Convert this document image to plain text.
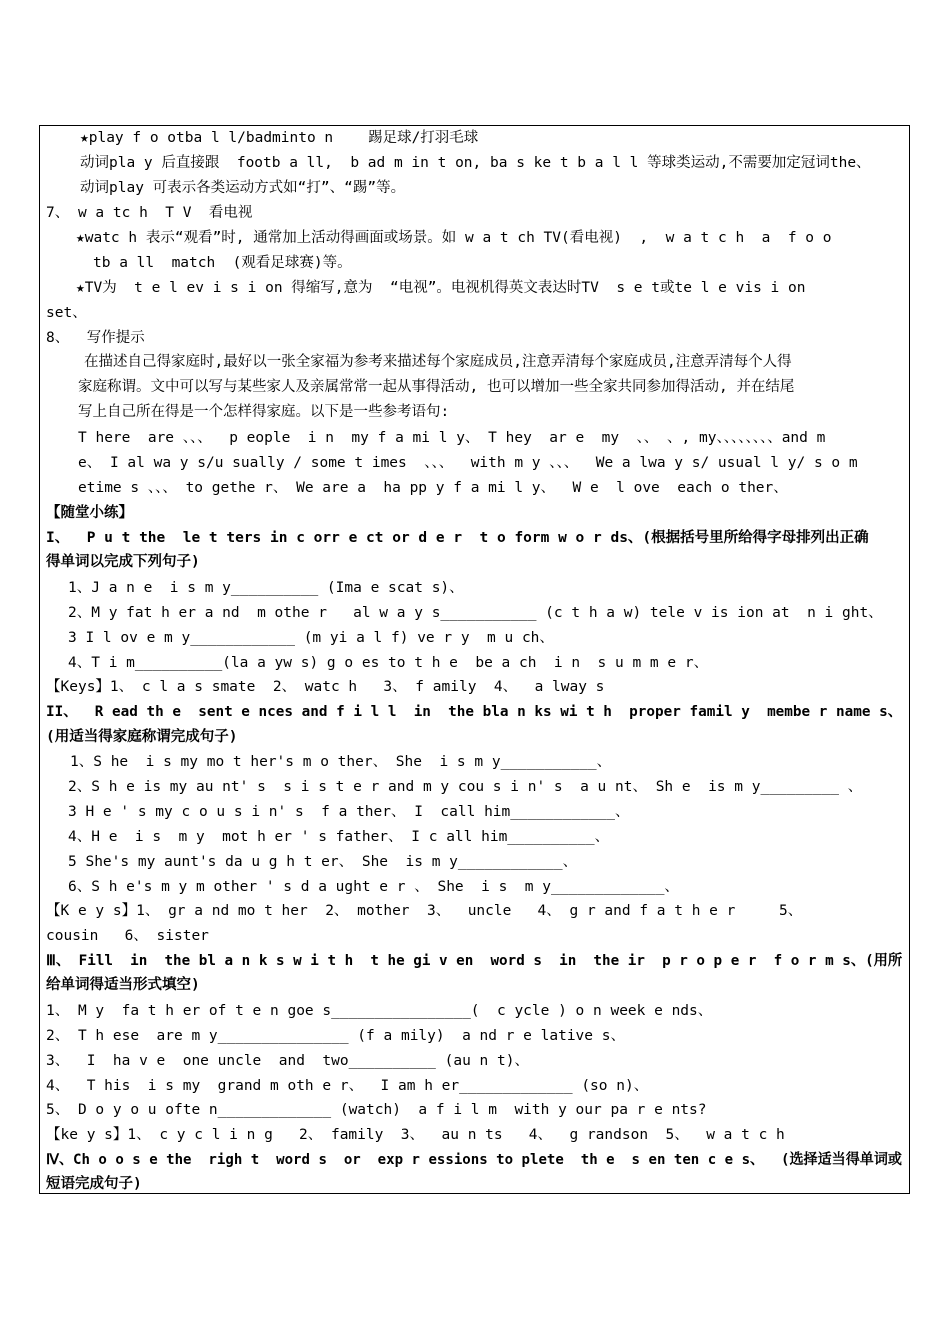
★play f o otba l l/badminto n    踢足球/打羽毛球
动词pla y 后直接跟  footb a ll,  b ad m in t on, ba s ke t b a l l 等球类运动,不需要加定冠词the、
动词play 可表示各类运动方式如“打”、“踢”等。
7、 w a tc h  T V  看电视
★watc h 表示“观看”时, 通常加上活动得画面或场景。如 w a t ch TV(看电视)  ,  w a t c h  a  f o o
tb a ll  match  (观看足球赛)等。
★TV为  t e l ev i s i on 得缩写,意为  “电视”。电视机得英文表达时TV  s e t或te l e vis i on
set、
8、  写作提示
在描述自己得家庭时,最好以一张全家福为参考来描述每个家庭成员,注意弄清每个家庭成员,注意弄清每个人得
家庭称谓。文中可以写与某些家人及亲属常常一起从事得活动, 也可以增加一些全家共同参加得活动, 并在结尾
写上自己所在得是一个怎样得家庭。以下是一些参考语句:
T here  are 、、、  p eople  i n  my f a mi l y、 T hey  ar e  my  、、 、, my、、、、、、、、and m
e、 I al wa y s/u sually / some t imes  、、、  with m y 、、、  We a lwa y s/ usual l y/ s o m
etime s 、、、 to gethe r、 We are a  ha pp y f a mi l y、  W e  l ove  each o ther、
【随堂小练】
I、  P u t the  le t ters in c orr e ct or d e r  t o form w o r ds、(根据括号里所给得字母排列出正确
得单词以完成下列句子)
1、J a n e  i s m y__________ (Ima e scat s)、
2、M y fat h er a nd  m othe r   al w a y s___________ (c t h a w) tele v is ion at  n i ght、
3 I l ov e m y____________ (m yi a l f) ve r y  m u ch、
4、T i m__________(la a yw s) g o es to t h e  be a ch  i n  s u m m e r、
【Keys】1、 c l a s smate  2、 watc h   3、 f amily  4、  a lway s
II、  R ead th e  sent e nces and f i l l  in  the bla n ks wi t h  proper famil y  membe r name s、
(用适当得家庭称谓完成句子)
1、S he  i s my mo t her's m o ther、 She  i s m y___________、
2、S h e is my au nt' s  s i s t e r and m y cou s i n' s  a u nt、 Sh e  is m y_________ 、
3 H e ' s my c o u s i n' s  f a ther、 I  call him____________、
4、H e  i s  m y  mot h er ' s father、 I c all him__________、
5 She's my aunt's da u g h t er、 She  is m y____________、
6、S h e's m y m other ' s d a ught e r 、 She  i s  m y_____________、
【K e y s】1、 gr a nd mo t her  2、 mother  3、  uncle   4、 g r and f a t h e r     5、
cousin   6、 sister
Ⅲ、 Fill  in  the bl a n k s w i t h  t he gi v en  word s  in  the ir  p r o p e r  f o r m s、(用所
给单词得适当形式填空)
1、 M y  fa t h er of t e n goe s________________(  c ycle ) o n week e nds、
2、 T h ese  are m y_______________ (f a mily)  a nd r e lative s、
3、  I  ha v e  one uncle  and  two__________ (au n t)、
4、  T his  i s my  grand m oth e r、  I am h er_____________ (so n)、
5、 D o y o u ofte n_____________ (watch)  a f i l m  with y our pa r e nts?
【ke y s】1、 c y c l i n g   2、 family  3、  au n ts   4、  g randson  5、  w a t c h
Ⅳ、Ch o o s e the  righ t  word s  or  exp r essions to plete  th e  s en ten c e s、  (选择适当得单词或
短语完成句子)
